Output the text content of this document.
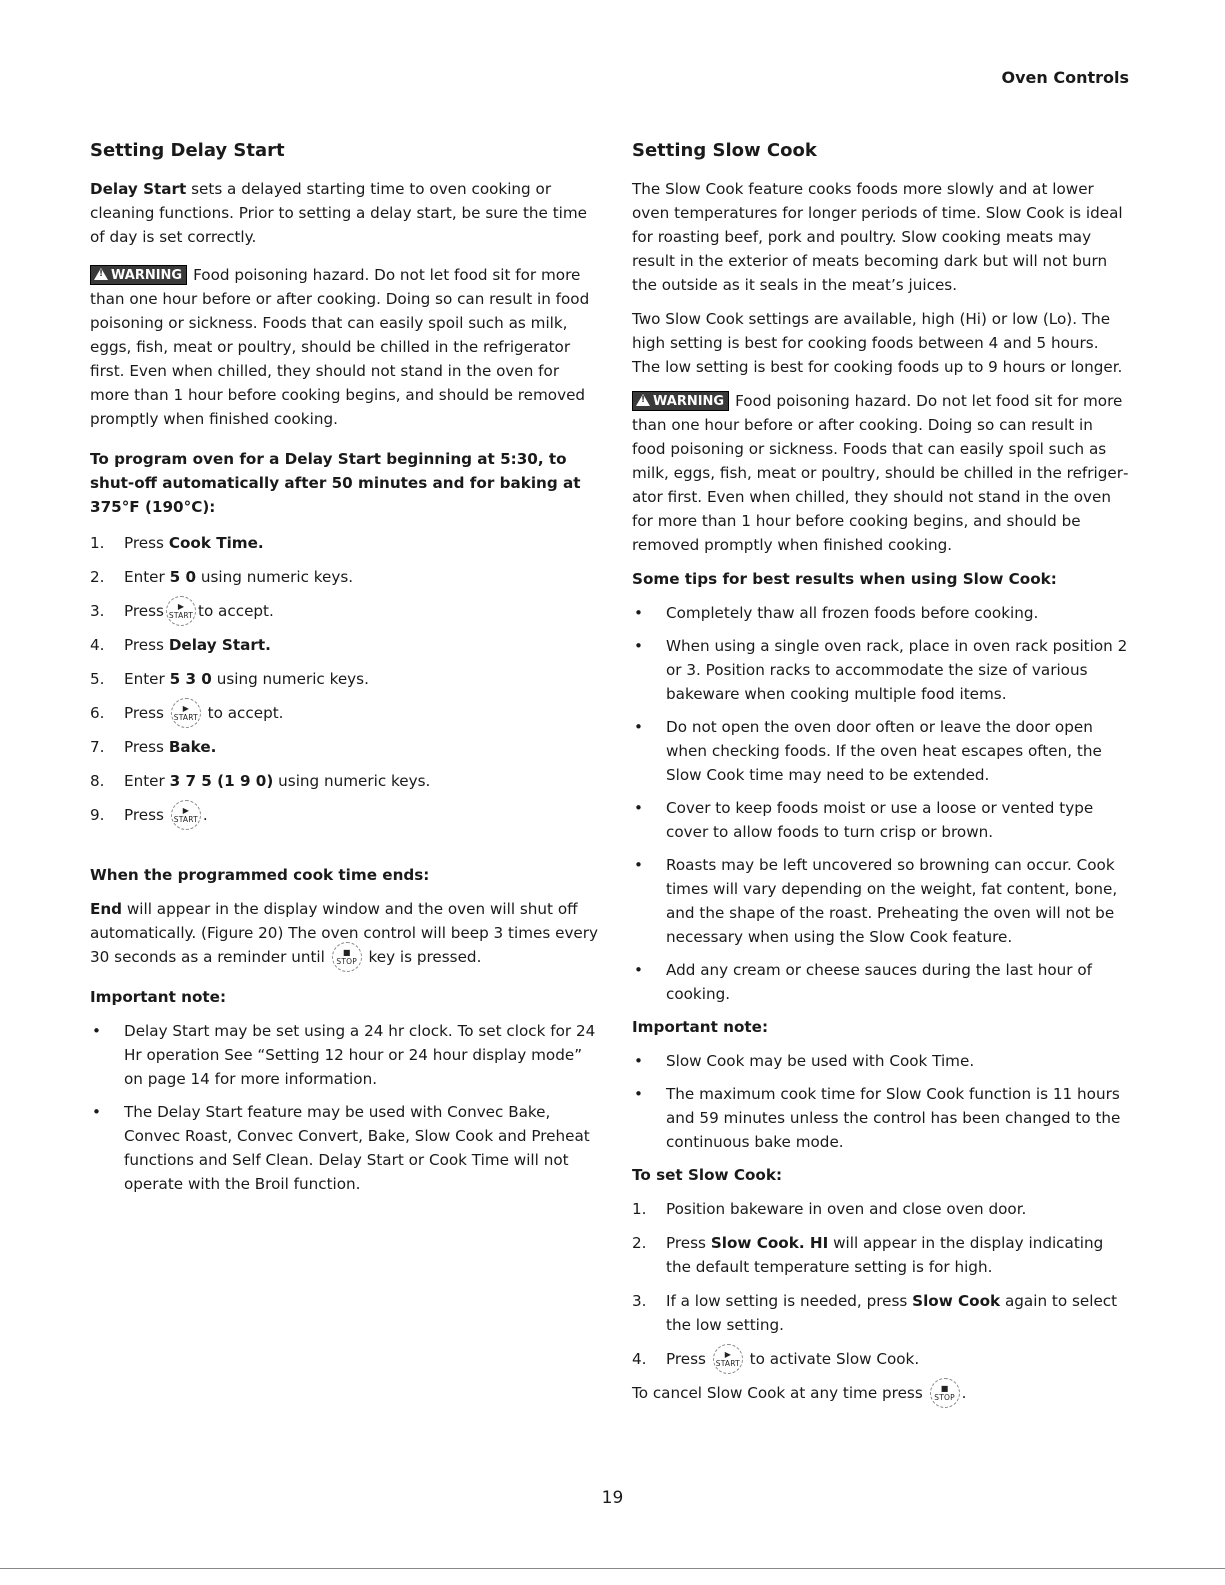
Oven Controls
Setting Delay Start

Delay Start sets a delayed starting time to oven cooking or cleaning functions. Prior to setting a delay start, be sure the time of day is set correctly.

!WARNING Food poisoning hazard. Do not let food sit for more than one hour before or after cooking. Doing so can result in food poisoning or sickness. Foods that can easily spoil such as milk, eggs, fish, meat or poultry, should be chilled in the refrigerator first. Even when chilled, they should not stand in the oven for more than 1 hour before cooking begins, and should be removed promptly when finished cooking.

To program oven for a Delay Start beginning at 5:30, to shut-off automatically after 50 minutes and for baking at 375°F (190°C):

1. Press Cook Time.
2. Enter 5 0 using numeric keys.
3. Press	▶
START to accept.
4. Press Delay Start.
5. Enter 5 3 0 using numeric keys.
6. Press	▶
START to accept.
7. Press Bake.
8. Enter 3 7 5 (1 9 0) using numeric keys.
9. Press	▶
START .

When the programmed cook time ends:

End will appear in the display window and the oven will shut off automatically. (Figure 20) The oven control will beep 3 times every 30 seconds as a reminder until	■
STOP key is pressed.

Important note:

• Delay Start may be set using a 24 hr clock. To set clock for 24 Hr operation See “Setting 12 hour or 24 hour display mode” on page 14 for more information.
• The Delay Start feature may be used with Convec Bake, Convec Roast, Convec Convert, Bake, Slow Cook and Preheat functions and Self Clean. Delay Start or Cook Time will not operate with the Broil function.
Setting Slow Cook

The Slow Cook feature cooks foods more slowly and at lower oven temperatures for longer periods of time. Slow Cook is ideal for roasting beef, pork and poultry. Slow cooking meats may result in the exterior of meats becoming dark but will not burn the outside as it seals in the meat’s juices.

Two Slow Cook settings are available, high (Hi) or low (Lo). The high setting is best for cooking foods between 4 and 5 hours. The low setting is best for cooking foods up to 9 hours or longer.

!WARNING Food poisoning hazard. Do not let food sit for more than one hour before or after cooking. Doing so can result in food poisoning or sickness. Foods that can easily spoil such as milk, eggs, fish, meat or poultry, should be chilled in the refrigerator first. Even when chilled, they should not stand in the oven for more than 1 hour before cooking begins, and should be removed promptly when finished cooking.

Some tips for best results when using Slow Cook:

• Completely thaw all frozen foods before cooking.
• When using a single oven rack, place in oven rack position 2 or 3. Position racks to accommodate the size of various bakeware when cooking multiple food items.
• Do not open the oven door often or leave the door open when checking foods. If the oven heat escapes often, the Slow Cook time may need to be extended.
• Cover to keep foods moist or use a loose or vented type cover to allow foods to turn crisp or brown.
• Roasts may be left uncovered so browning can occur. Cook times will vary depending on the weight, fat content, bone, and the shape of the roast. Preheating the oven will not be necessary when using the Slow Cook feature.
• Add any cream or cheese sauces during the last hour of cooking.

Important note:

• Slow Cook may be used with Cook Time.
• The maximum cook time for Slow Cook function is 11 hours and 59 minutes unless the control has been changed to the continuous bake mode.

To set Slow Cook:

1. Position bakeware in oven and close oven door.
2. Press Slow Cook. HI will appear in the display indicating the default temperature setting is for high.
3. If a low setting is needed, press Slow Cook again to select the low setting.
4. Press	▶
START to activate Slow Cook.

To cancel Slow Cook at any time press	■
STOP .

19
